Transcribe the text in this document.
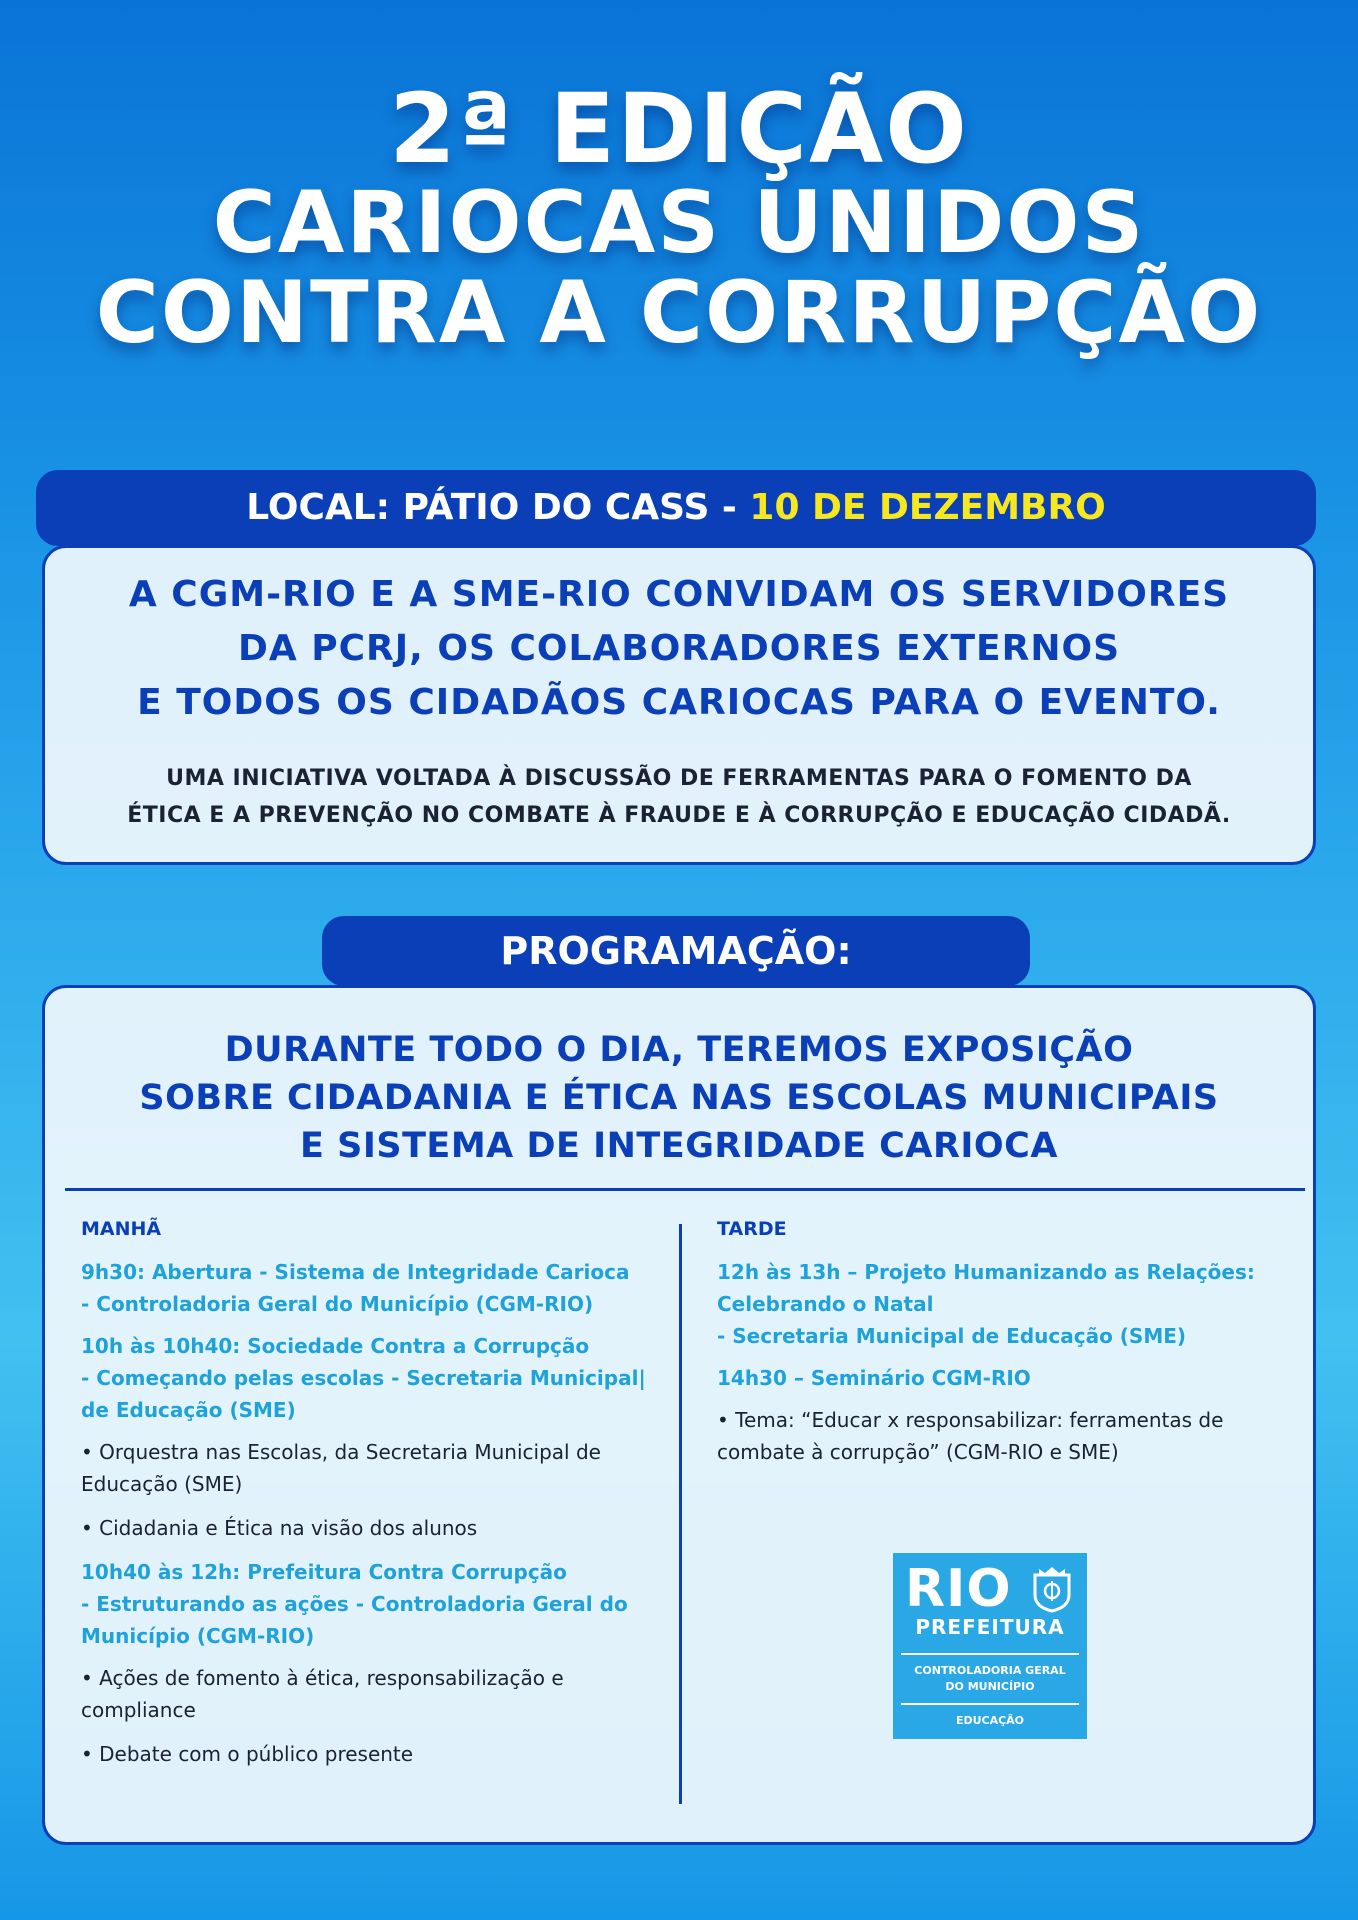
2ª EDIÇÃO
CARIOCAS UNIDOS
CONTRA A CORRUPÇÃO
A CGM-RIO E A SME-RIO CONVIDAM OS SERVIDORES
DA PCRJ, OS COLABORADORES EXTERNOS
E TODOS OS CIDADÃOS CARIOCAS PARA O EVENTO.
UMA INICIATIVA VOLTADA À DISCUSSÃO DE FERRAMENTAS PARA O FOMENTO DA
ÉTICA E A PREVENÇÃO NO COMBATE À FRAUDE E À CORRUPÇÃO E EDUCAÇÃO CIDADÃ.
LOCAL: PÁTIO DO CASS - 10 DE DEZEMBRO
DURANTE TODO O DIA, TEREMOS EXPOSIÇÃO
SOBRE CIDADANIA E ÉTICA NAS ESCOLAS MUNICIPAIS
E SISTEMA DE INTEGRIDADE CARIOCA
MANHÃ
9h30: Abertura - Sistema de Integridade Carioca
- Controladoria Geral do Município (CGM-RIO)
10h às 10h40: Sociedade Contra a Corrupção
- Começando pelas escolas - Secretaria Municipal|
de Educação (SME)
• Orquestra nas Escolas, da Secretaria Municipal de
Educação (SME)
• Cidadania e Ética na visão dos alunos
10h40 às 12h: Prefeitura Contra Corrupção
- Estruturando as ações - Controladoria Geral do
Município (CGM-RIO)
• Ações de fomento à ética, responsabilização e
compliance
• Debate com o público presente
TARDE
12h às 13h – Projeto Humanizando as Relações:
Celebrando o Natal
- Secretaria Municipal de Educação (SME)
14h30 – Seminário CGM-RIO
• Tema: “Educar x responsabilizar: ferramentas de
combate à corrupção” (CGM-RIO e SME)
RIO
PREFEITURA
CONTROLADORIA GERAL
DO MUNICÍPIO
EDUCAÇÃO
PROGRAMAÇÃO:
